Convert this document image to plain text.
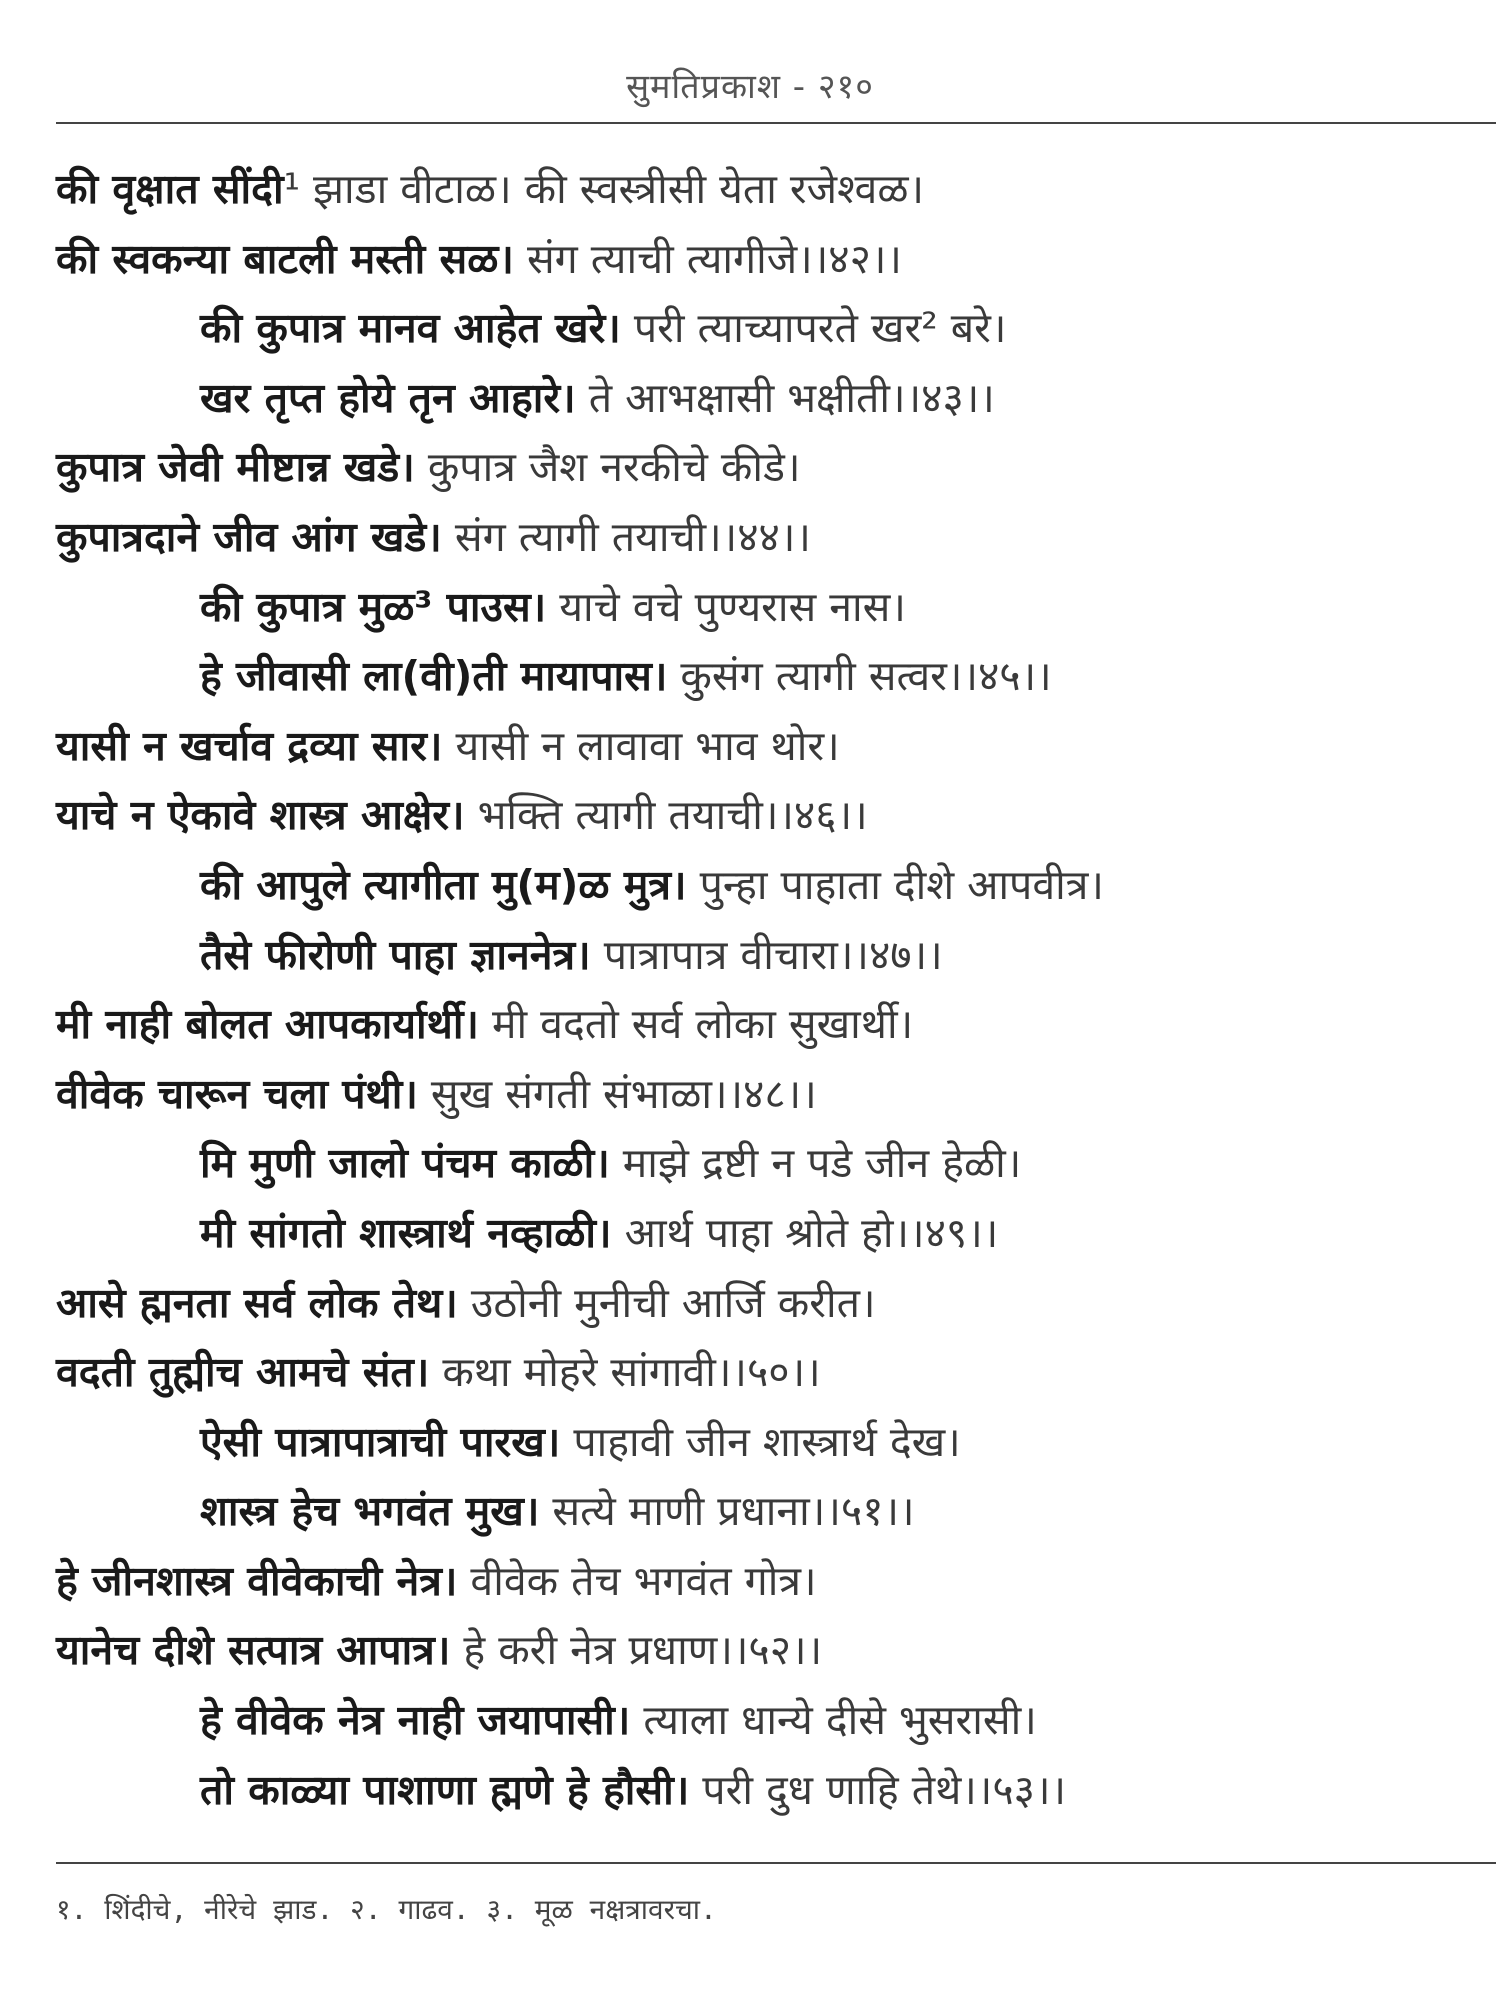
सुमतिप्रकाश - २१०
की वृक्षात सींदी¹ झाडा वीटाळ। की स्वस्त्रीसी येता रजेश्वळ।
की स्वकन्या बाटली मस्ती सळ। संग त्याची त्यागीजे।।४२।।
की कुपात्र मानव आहेत खरे। परी त्याच्यापरते खर² बरे।
खर तृप्त होये तृन आहारे। ते आभक्षासी भक्षीती।।४३।।
कुपात्र जेवी मीष्टान्न खडे। कुपात्र जैश नरकीचे कीडे।
कुपात्रदाने जीव आंग खडे। संग त्यागी तयाची।।४४।।
की कुपात्र मुळ³ पाउस। याचे वचे पुण्यरास नास।
हे जीवासी ला(वी)ती मायापास। कुसंग त्यागी सत्वर।।४५।।
यासी न खर्चाव द्रव्या सार। यासी न लावावा भाव थोर।
याचे न ऐकावे शास्त्र आक्षेर। भक्ति त्यागी तयाची।।४६।।
की आपुले त्यागीता मु(म)ळ मुत्र। पुन्हा पाहाता दीशे आपवीत्र।
तैसे फीरोणी पाहा ज्ञाननेत्र। पात्रापात्र वीचारा।।४७।।
मी नाही बोलत आपकार्यार्थी। मी वदतो सर्व लोका सुखार्थी।
वीवेक चारून चला पंथी। सुख संगती संभाळा।।४८।।
मि मुणी जालो पंचम काळी। माझे द्रष्टी न पडे जीन हेळी।
मी सांगतो शास्त्रार्थ नव्हाळी। आर्थ पाहा श्रोते हो।।४९।।
आसे ह्मनता सर्व लोक तेथ। उठोनी मुनीची आर्जि करीत।
वदती तुह्मीच आमचे संत। कथा मोहरे सांगावी।।५०।।
ऐसी पात्रापात्राची पारख। पाहावी जीन शास्त्रार्थ देख।
शास्त्र हेच भगवंत मुख। सत्ये माणी प्रधाना।।५१।।
हे जीनशास्त्र वीवेकाची नेत्र। वीवेक तेच भगवंत गोत्र।
यानेच दीशे सत्पात्र आपात्र। हे करी नेत्र प्रधाण।।५२।।
हे वीवेक नेत्र नाही जयापासी। त्याला धान्ये दीसे भुसरासी।
तो काळ्या पाशाणा ह्मणे हे हौसी। परी दुध णाहि तेथे।।५३।।
१. शिंदीचे, नीरेचे झाड. २. गाढव. ३. मूळ नक्षत्रावरचा.
